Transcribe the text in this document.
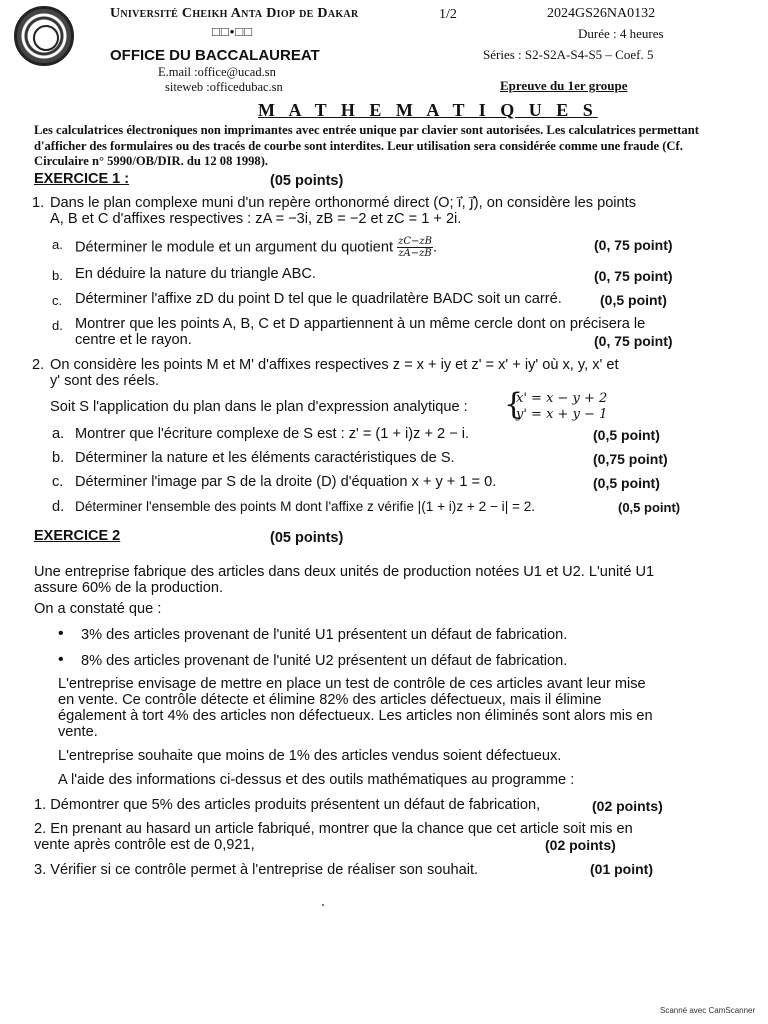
Université Cheikh Anta Diop de Dakar
□□•□□
OFFICE DU BACCALAUREAT
E.mail :office@ucad.sn
siteweb :officedubac.sn
1/2	2024GS26NA0132
Durée : 4 heures
Séries : S2-S2A-S4-S5 – Coef. 5
Epreuve du 1er groupe
M A T H E M A T I Q U E S
Les calculatrices électroniques non imprimantes avec entrée unique par clavier sont autorisées. Les calculatrices permettant d'afficher des formulaires ou des tracés de courbe sont interdites. Leur utilisation sera considérée comme une fraude (Cf. Circulaire n° 5990/OB/DIR. du 12 08 1998).
EXERCICE 1 :	(05 points)
1. Dans le plan complexe muni d'un repère orthonormé direct (O; i⃗, j⃗), on considère les points
A, B et C d'affixes respectives : zA = −3i, zB = −2 et zC = 1 + 2i.
a. Déterminer le module et un argument du quotient $\frac{zC-zB}{zA-zB}$ .	(0, 75 point)
b. En déduire la nature du triangle ABC.	(0, 75 point)
c. Déterminer l'affixe zD du point D tel que le quadrilatère BADC soit un carré.	(0,5 point)
d. Montrer que les points A, B, C et D appartiennent à un même cercle dont on précisera le
centre et le rayon.	(0, 75 point)
2. On considère les points M et M' d'affixes respectives z = x + iy et z' = x' + iy' où x, y, x' et
y' sont des réels.
Soit S l'application du plan dans le plan d'expression analytique : {
x' = x − y + 2
y' = x + y − 1
a. Montrer que l'écriture complexe de S est : z' = (1 + i)z + 2 − i.	(0,5 point)
b. Déterminer la nature et les éléments caractéristiques de S.	(0,75 point)
c. Déterminer l'image par S de la droite (D) d'équation x + y + 1 = 0.	(0,5 point)
d. Déterminer l'ensemble des points M dont l'affixe z vérifie |(1 + i)z + 2 − i| = 2.	(0,5 point)
EXERCICE 2	(05 points)
Une entreprise fabrique des articles dans deux unités de production notées U1 et U2. L'unité U1
assure 60% de la production.
On a constaté que :
• 3% des articles provenant de l'unité U1 présentent un défaut de fabrication.
• 8% des articles provenant de l'unité U2 présentent un défaut de fabrication.
L'entreprise envisage de mettre en place un test de contrôle de ces articles avant leur mise
en vente. Ce contrôle détecte et élimine 82% des articles défectueux, mais il élimine
également à tort 4% des articles non défectueux. Les articles non éliminés sont alors mis en
vente.
L'entreprise souhaite que moins de 1% des articles vendus soient défectueux.
A l'aide des informations ci-dessus et des outils mathématiques au programme :
1. Démontrer que 5% des articles produits présentent un défaut de fabrication,	(02 points)
2. En prenant au hasard un article fabriqué, montrer que la chance que cet article soit mis en
vente après contrôle est de 0,921,	(02 points)
3. Vérifier si ce contrôle permet à l'entreprise de réaliser son souhait.	(01 point)
Scanné avec CamScanner
